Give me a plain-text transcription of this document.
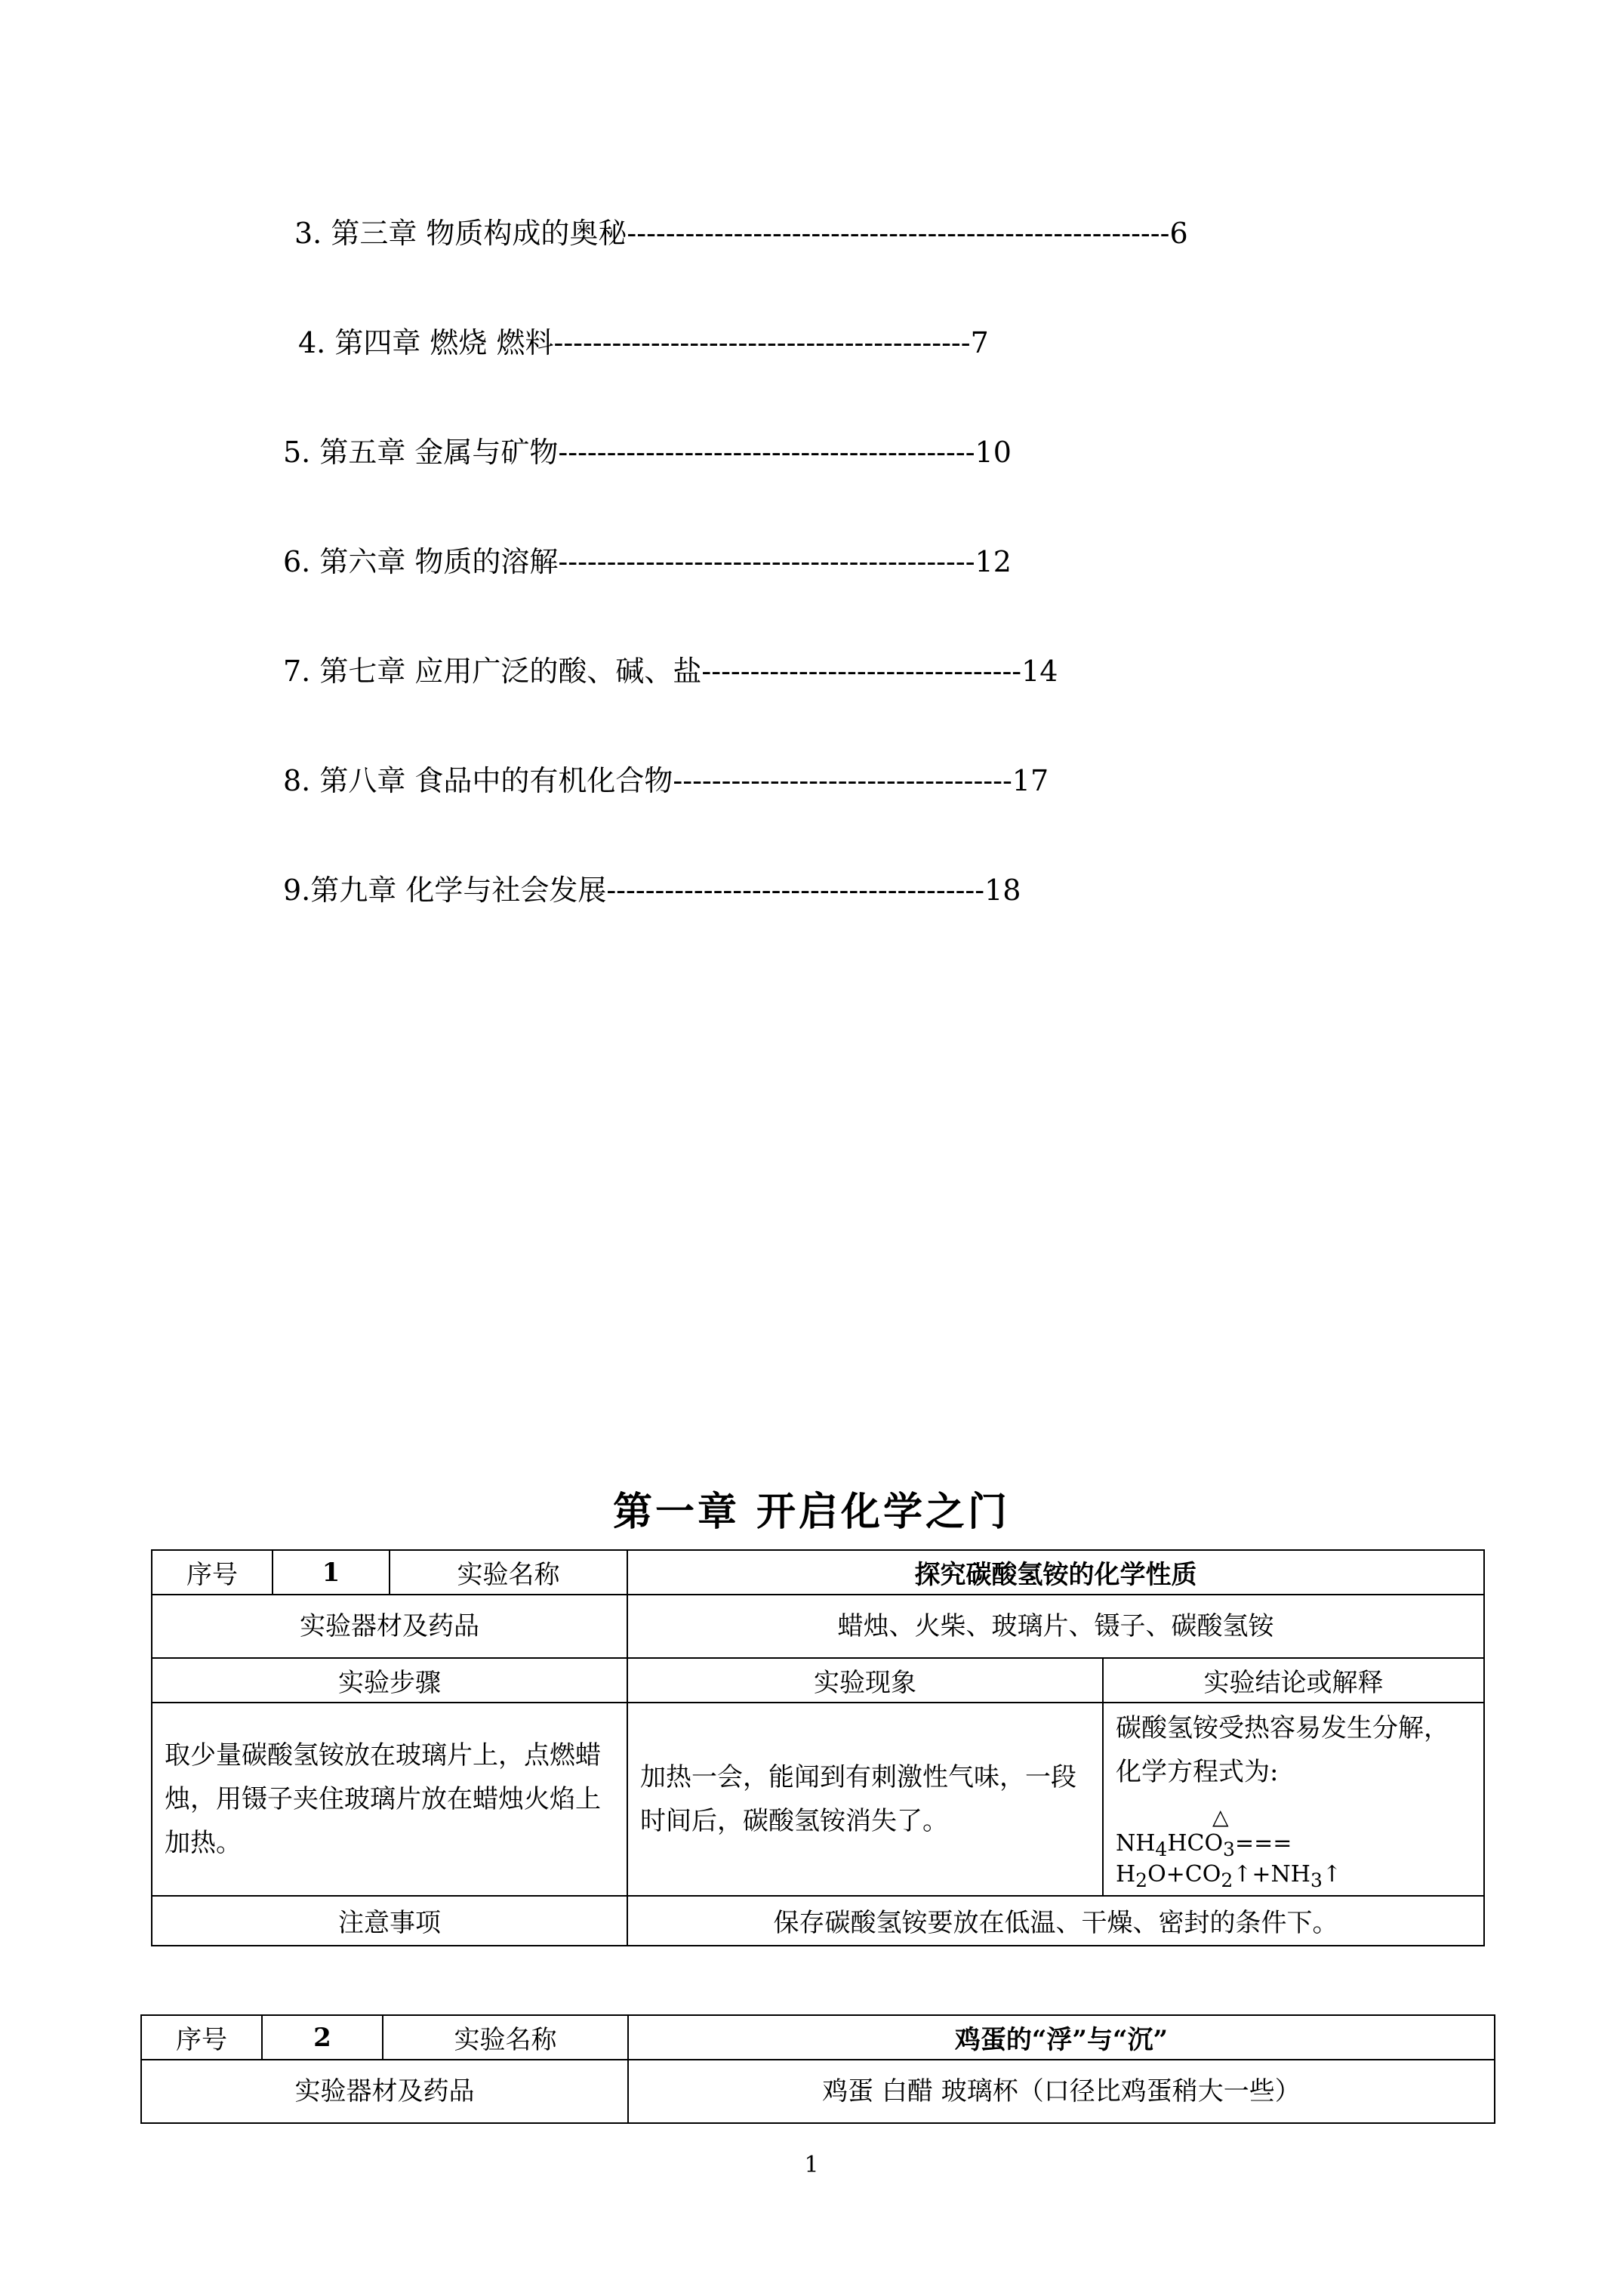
3. 第三章 物质构成的奥秘--------------------------------------------------------6
4. 第四章 燃烧 燃料-------------------------------------------7
5. 第五章 金属与矿物-------------------------------------------10
6. 第六章 物质的溶解-------------------------------------------12
7. 第七章 应用广泛的酸、碱、盐---------------------------------14
8. 第八章 食品中的有机化合物-----------------------------------17
9.第九章 化学与社会发展---------------------------------------18
第一章 开启化学之门
序号	1	实验名称	探究碳酸氢铵的化学性质	
实验器材及药品			蜡烛、火柴、玻璃片、镊子、碳酸氢铵	
实验步骤			实验现象	实验结论或解释
取少量碳酸氢铵放在玻璃片上，点燃蜡烛，用镊子夹住玻璃片放在蜡烛火焰上加热。			加热一会，能闻到有刺激性气味，一段时间后，碳酸氢铵消失了。	碳酸氢铵受热容易发生分解，化学方程式为:
△
$NH_4HCO_3===$ $H_2O+CO_2↑+NH_3↑$

注意事项			保存碳酸氢铵要放在低温、干燥、密封的条件下。	
序号	2	实验名称	鸡蛋的“浮”与“沉”
实验器材及药品			鸡蛋 白醋 玻璃杯（口径比鸡蛋稍大一些）
1
